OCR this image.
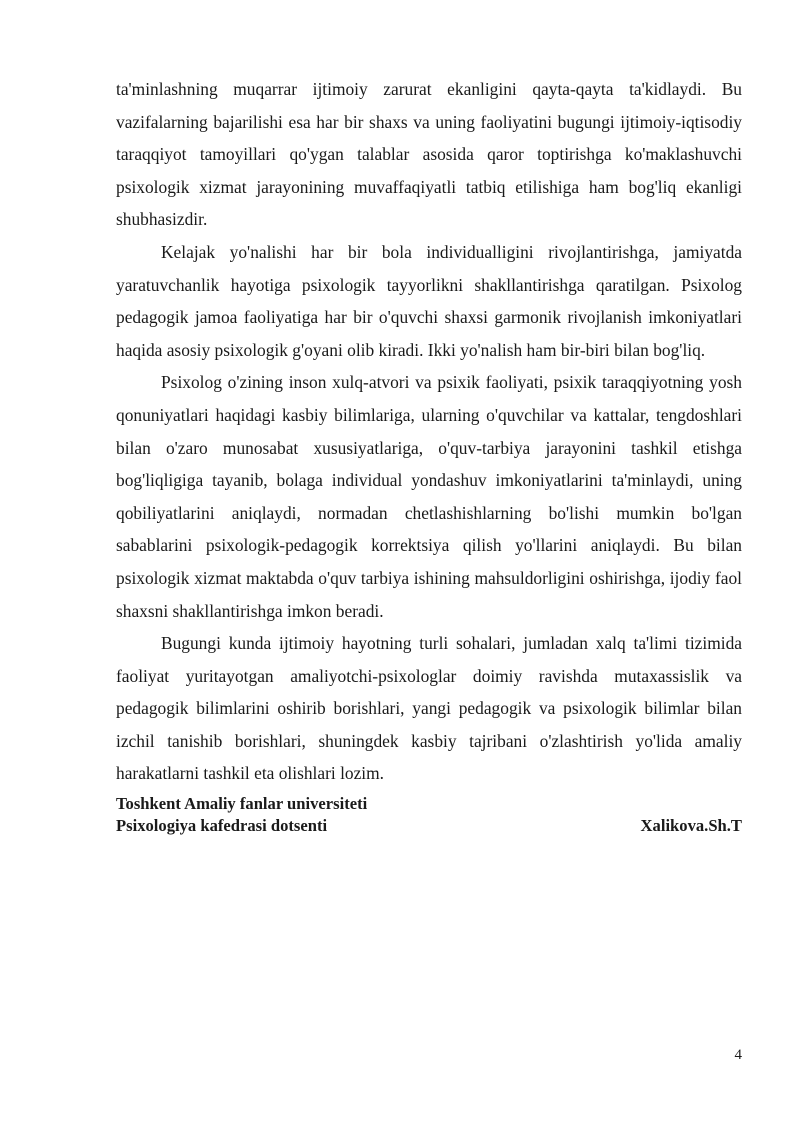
ta'minlashning muqarrar ijtimoiy zarurat ekanligini qayta-qayta ta'kidlaydi. Bu vazifalarning bajarilishi esa har bir shaxs va uning faoliyatini bugungi ijtimoiy-iqtisodiy taraqqiyot tamoyillari qo'ygan talablar asosida qaror toptirishga ko'maklashuvchi psixologik xizmat jarayonining muvaffaqiyatli tatbiq etilishiga ham bog'liq ekanligi shubhasizdir.

Kelajak yo'nalishi har bir bola individualligini rivojlantirishga, jamiyatda yaratuvchanlik hayotiga psixologik tayyorlikni shakllantirishga qaratilgan. Psixolog pedagogik jamoa faoliyatiga har bir o'quvchi shaxsi garmonik rivojlanish imkoniyatlari haqida asosiy psixologik g'oyani olib kiradi. Ikki yo'nalish ham bir-biri bilan bog'liq.

Psixolog o'zining inson xulq-atvori va psixik faoliyati, psixik taraqqiyotning yosh qonuniyatlari haqidagi kasbiy bilimlariga, ularning o'quvchilar va kattalar, tengdoshlari bilan o'zaro munosabat xususiyatlariga, o'quv-tarbiya jarayonini tashkil etishga bog'liqligiga tayanib, bolaga individual yondashuv imkoniyatlarini ta'minlaydi, uning qobiliyatlarini aniqlaydi, normadan chetlashishlarning bo'lishi mumkin bo'lgan sabablarini psixologik-pedagogik korrektsiya qilish yo'llarini aniqlaydi. Bu bilan psixologik xizmat maktabda o'quv tarbiya ishining mahsuldorligini oshirishga, ijodiy faol shaxsni shakllantirishga imkon beradi.

Bugungi kunda ijtimoiy hayotning turli sohalari, jumladan xalq ta'limi tizimida faoliyat yuritayotgan amaliyotchi-psixologlar doimiy ravishda mutaxassislik va pedagogik bilimlarini oshirib borishlari, yangi pedagogik va psixologik bilimlar bilan izchil tanishib borishlari, shuningdek kasbiy tajribani o'zlashtirish yo'lida amaliy harakatlarni tashkil eta olishlari lozim.

Toshkent Amaliy fanlar universiteti
Psixologiya kafedrasi dotsenti	Xalikova.Sh.T
4
